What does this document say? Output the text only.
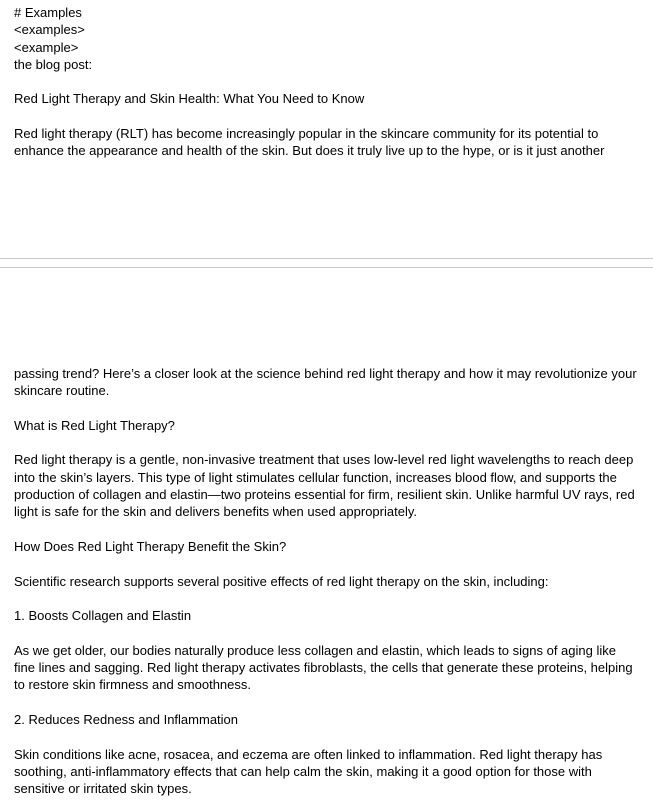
# Examples

<examples>

<example>

the blog post:

Red Light Therapy and Skin Health: What You Need to Know

Red light therapy (RLT) has become increasingly popular in the skincare community for its potential to enhance the appearance and health of the skin. But does it truly live up to the hype, or is it just another

passing trend? Here’s a closer look at the science behind red light therapy and how it may revolutionize your skincare routine.

What is Red Light Therapy?

Red light therapy is a gentle, non-invasive treatment that uses low-level red light wavelengths to reach deep into the skin’s layers. This type of light stimulates cellular function, increases blood flow, and supports the production of collagen and elastin—two proteins essential for firm, resilient skin. Unlike harmful UV rays, red light is safe for the skin and delivers benefits when used appropriately.

How Does Red Light Therapy Benefit the Skin?

Scientific research supports several positive effects of red light therapy on the skin, including:

1. Boosts Collagen and Elastin

As we get older, our bodies naturally produce less collagen and elastin, which leads to signs of aging like fine lines and sagging. Red light therapy activates fibroblasts, the cells that generate these proteins, helping to restore skin firmness and smoothness.

2. Reduces Redness and Inflammation

Skin conditions like acne, rosacea, and eczema are often linked to inflammation. Red light therapy has soothing, anti-inflammatory effects that can help calm the skin, making it a good option for those with sensitive or irritated skin types.
